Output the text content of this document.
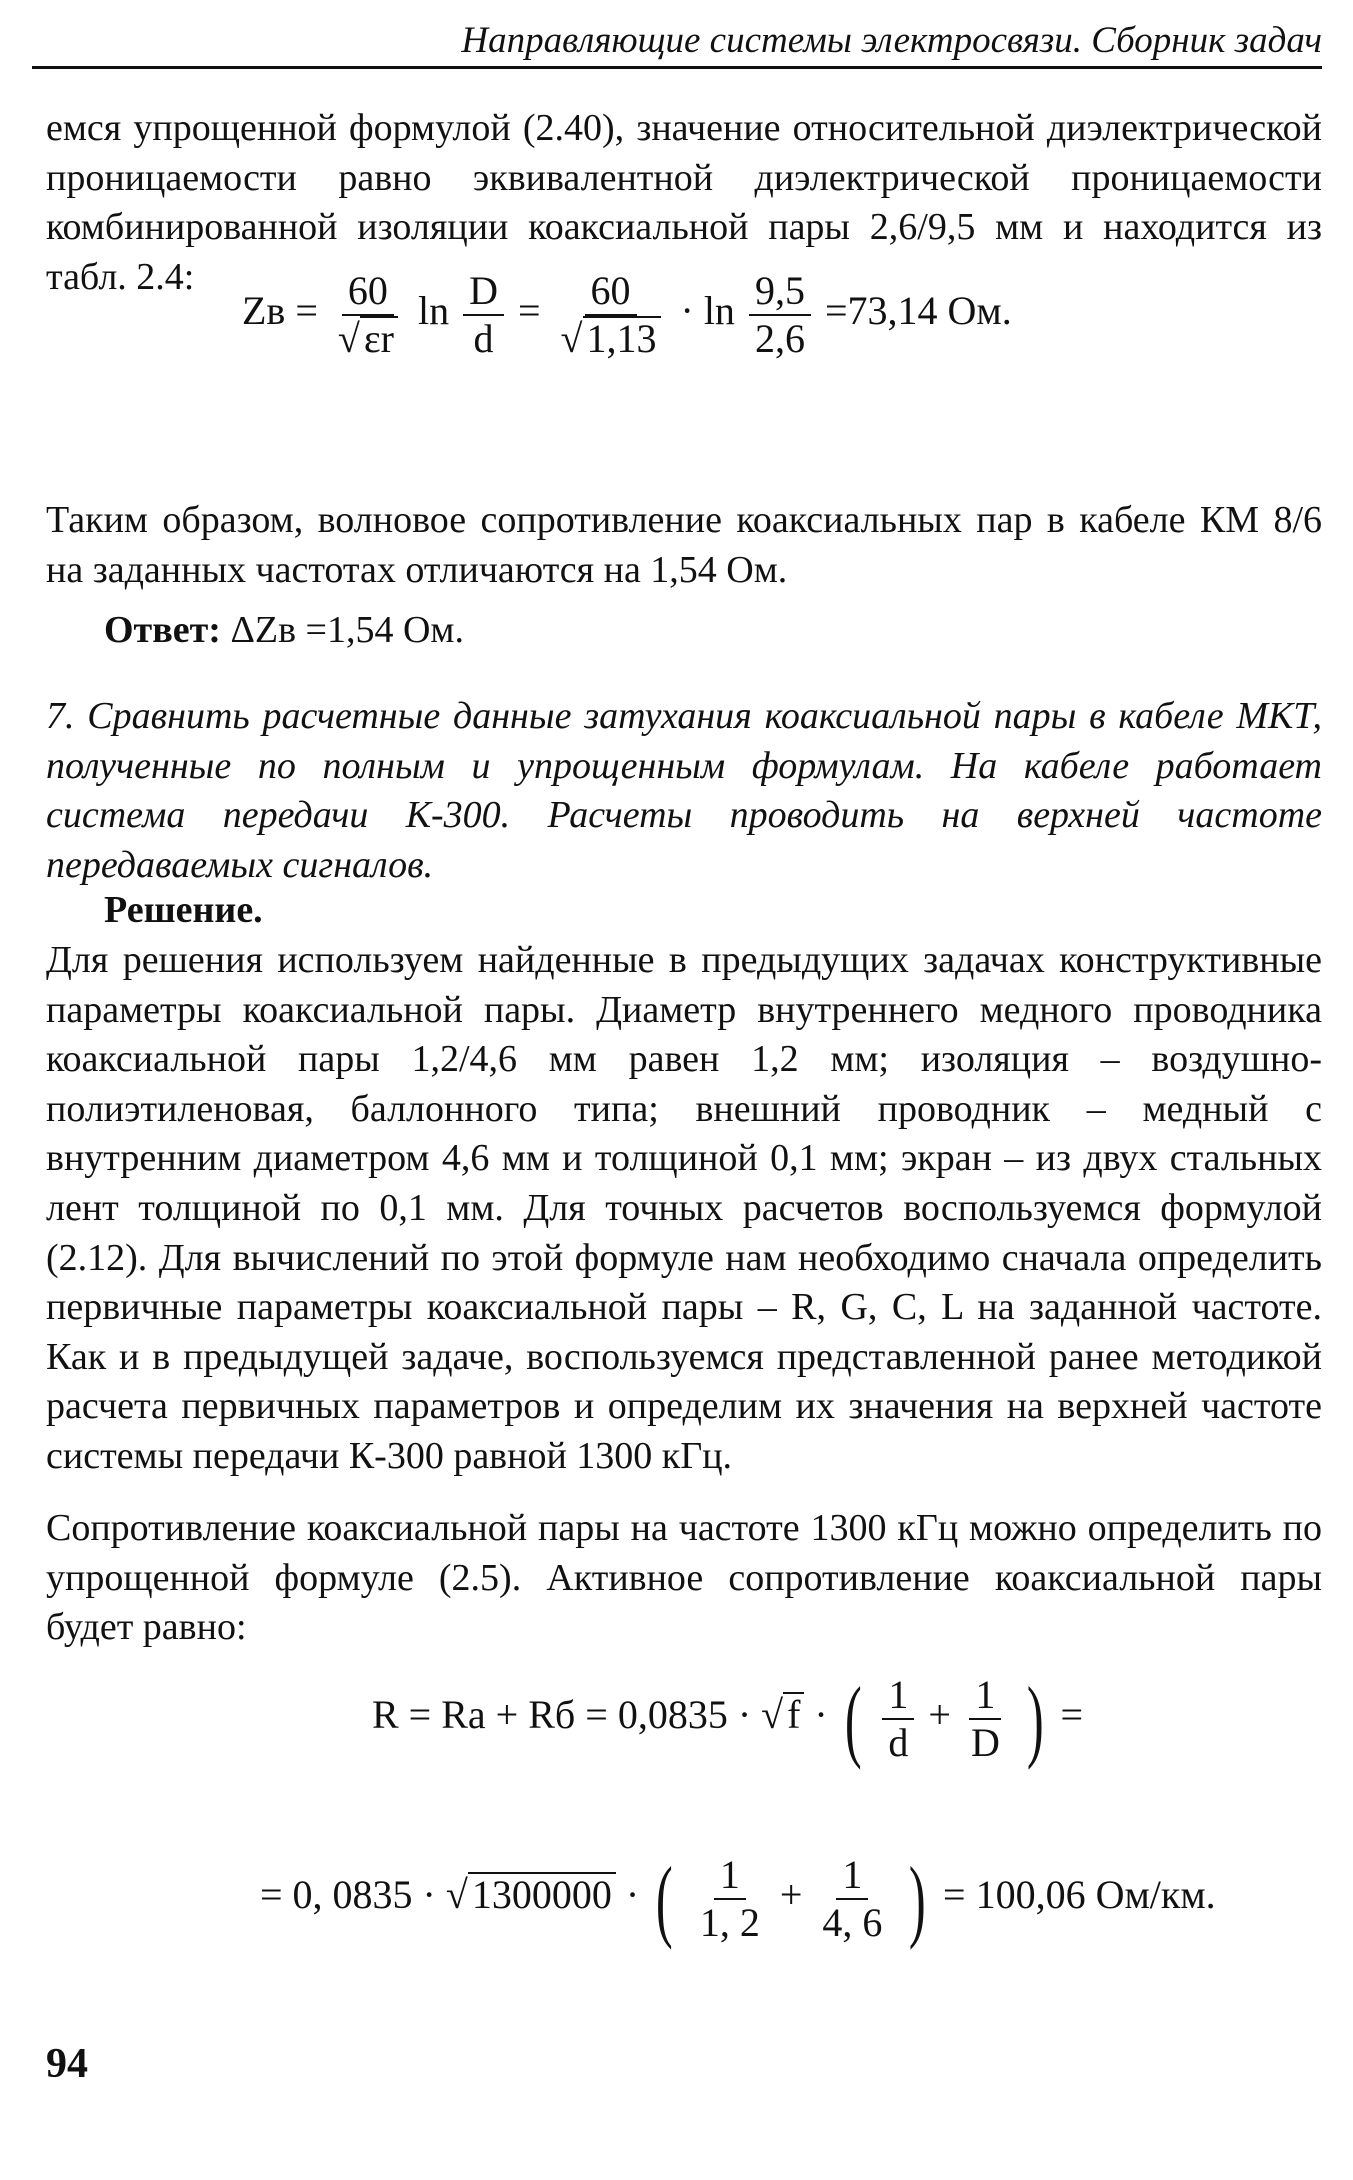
Направляющие системы электросвязи. Сборник задач
емся упрощенной формулой (2.40), значение относительной диэлектрической проницаемости равно эквивалентной диэлектрической проницаемости комбинированной изоляции коаксиальной пары 2,6/9,5 мм и находится из табл. 2.4:
Zв = $\frac{60}{√ \varepsilon r}$ $\ln \frac{D}{d} = \frac{60}{√ 1,13} \cdot \ln \frac{9,5}{2,6} =73,14$ Ом.
Таким образом, волновое сопротивление коаксиальных пар в кабеле КМ 8/6 на заданных частотах отличаются на 1,54 Ом.
Ответ: ΔZв =1,54 Ом.
7. Сравнить расчетные данные затухания коаксиальной пары в кабеле МКТ, полученные по полным и упрощенным формулам. На кабеле работает система передачи К-300. Расчеты проводить на верхней частоте передаваемых сигналов.
Решение.
Для решения используем найденные в предыдущих задачах конструктивные параметры коаксиальной пары. Диаметр внутреннего медного проводника коаксиальной пары 1,2/4,6 мм равен 1,2 мм; изоляция – воздушно-полиэтиленовая, баллонного типа; внешний проводник – медный с внутренним диаметром 4,6 мм и толщиной 0,1 мм; экран – из двух стальных лент толщиной по 0,1 мм. Для точных расчетов воспользуемся формулой (2.12). Для вычислений по этой формуле нам необходимо сначала определить первичные параметры коаксиальной пары – R, G, C, L на заданной частоте. Как и в предыдущей задаче, воспользуемся представленной ранее методикой расчета первичных параметров и определим их значения на верхней частоте системы передачи К-300 равной 1300 кГц.
Сопротивление коаксиальной пары на частоте 1300 кГц можно определить по упрощенной формуле (2.5). Активное сопротивление коаксиальной пары будет равно:
R = Rа + Rб = 0,0835 · √ f · ( $\frac{1}{d} + \frac{1}{D}$ ) =
= 0, 0835 · √ 1300000 · ( $\frac{1}{1, 2} + \frac{1}{4, 6}$ ) = 100,06 Ом/км.
94
